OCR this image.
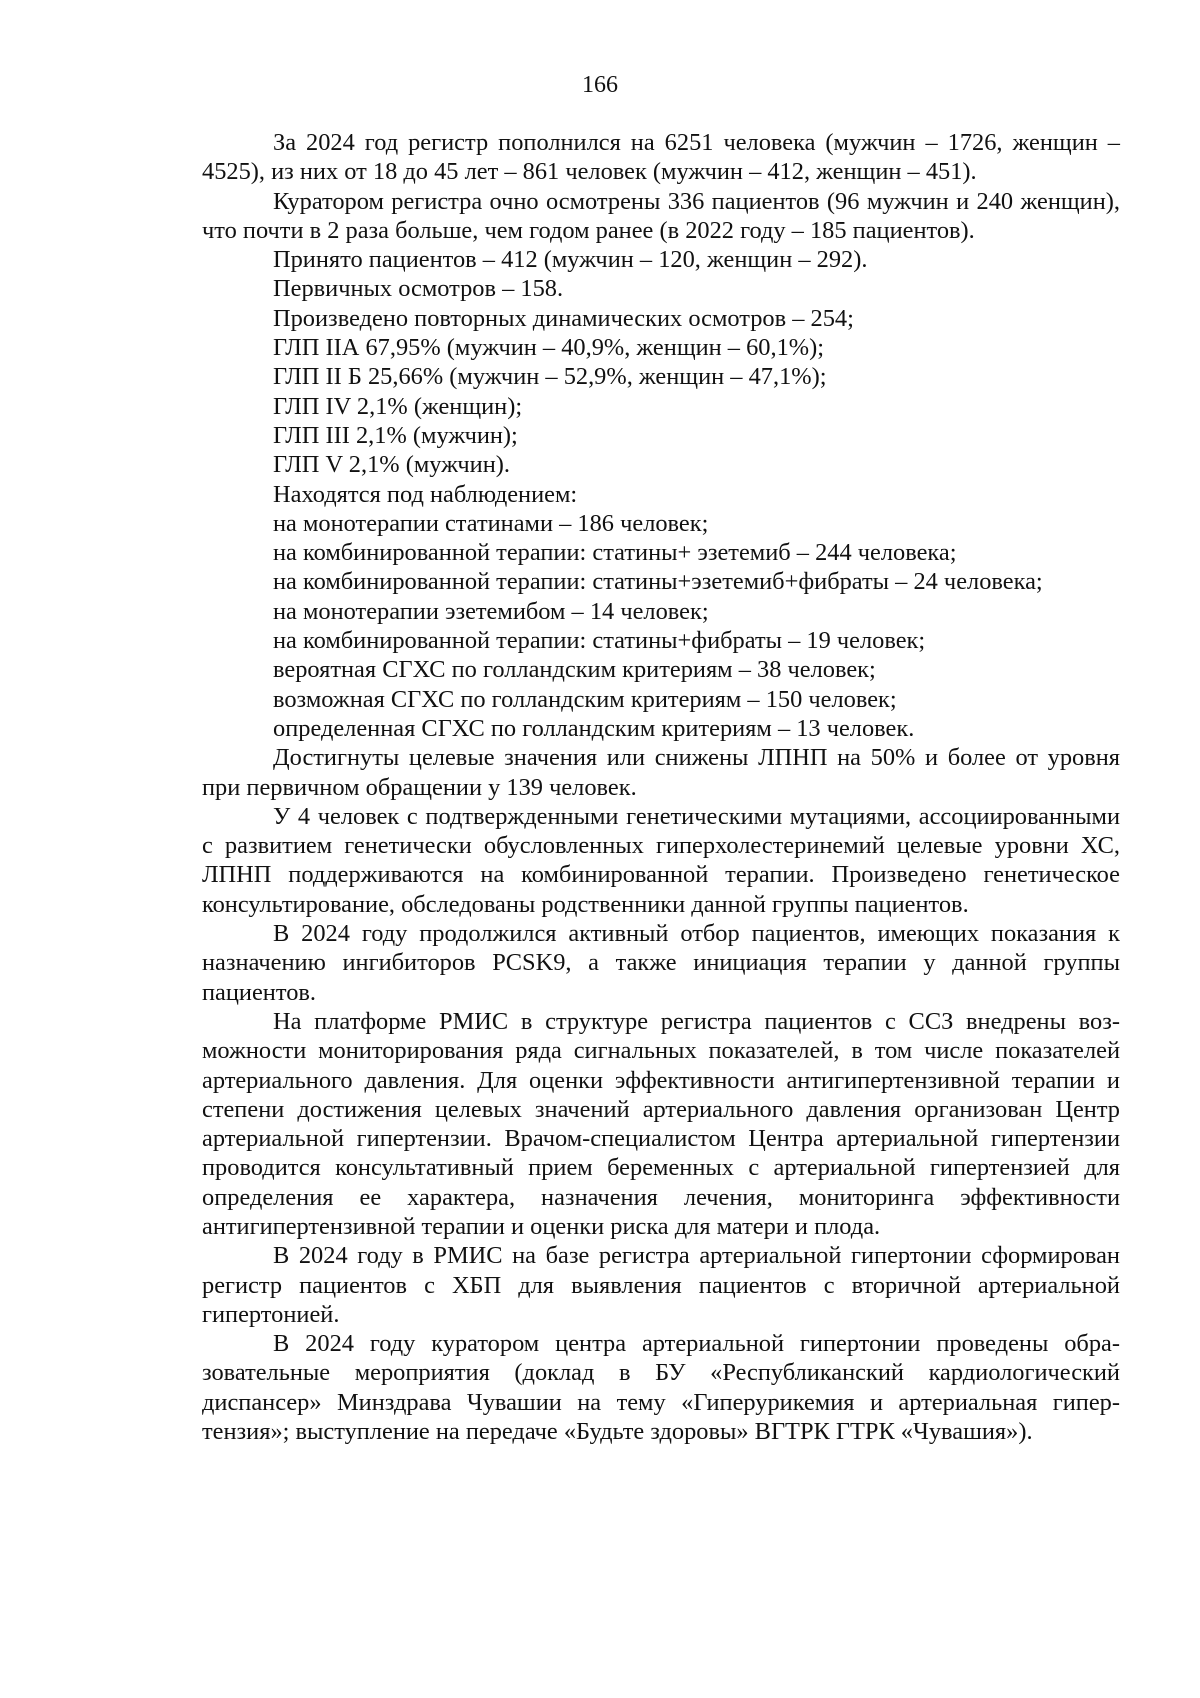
166

За 2024 год регистр пополнился на 6251 человека (мужчин – 1726, женщин – 4525), из них от 18 до 45 лет – 861 человек (мужчин – 412, женщин – 451).

Куратором регистра очно осмотрены 336 пациентов (96 мужчин и 240 женщин), что почти в 2 раза больше, чем годом ранее (в 2022 году – 185 пациентов).

Принято пациентов – 412 (мужчин – 120, женщин – 292).
Первичных осмотров – 158.
Произведено повторных динамических осмотров – 254;
ГЛП IIА 67,95% (мужчин – 40,9%, женщин – 60,1%);
ГЛП II Б 25,66% (мужчин – 52,9%, женщин – 47,1%);
ГЛП IV 2,1% (женщин);
ГЛП III 2,1% (мужчин);
ГЛП V 2,1% (мужчин).
Находятся под наблюдением:
на монотерапии статинами – 186 человек;
на комбинированной терапии: статины+ эзетемиб – 244 человека;
на комбинированной терапии: статины+эзетемиб+фибраты – 24 человека;
на монотерапии эзетемибом – 14 человек;
на комбинированной терапии: статины+фибраты – 19 человек;
вероятная СГХС по голландским критериям – 38 человек;
возможная СГХС по голландским критериям – 150 человек;
определенная СГХС по голландским критериям – 13 человек.

Достигнуты целевые значения или снижены ЛПНП на 50% и более от уровня при первичном обращении у 139 человек.

У 4 человек с подтвержденными генетическими мутациями, ассоциированными с развитием генетически обусловленных гиперхолестеринемий целевые уровни ХС, ЛПНП поддерживаются на комбинированной терапии. Произведено генетическое консультирование, обследованы родственники данной группы пациентов.

В 2024 году продолжился активный отбор пациентов, имеющих показания к назначению ингибиторов PCSK9, а также инициация терапии у данной группы пациентов.

На платформе РМИС в структуре регистра пациентов с ССЗ внедрены возможности мониторирования ряда сигнальных показателей, в том числе показателей артериального давления. Для оценки эффективности антигипертензивной терапии и степени достижения целевых значений артериального давления организован Центр артериальной гипертензии. Врачом-специалистом Центра артериальной гипертензии проводится консультативный прием беременных с артериальной гипертензией для определения ее характера, назначения лечения, мониторинга эффективности антигипертензивной терапии и оценки риска для матери и плода.

В 2024 году в РМИС на базе регистра артериальной гипертонии сформирован регистр пациентов с ХБП для выявления пациентов с вторичной артериальной гипертонией.

В 2024 году куратором центра артериальной гипертонии проведены образовательные мероприятия (доклад в БУ «Республиканский кардиологический диспансер» Минздрава Чувашии на тему «Гиперурикемия и артериальная гипертензия»; выступление на передаче «Будьте здоровы» ВГТРК ГТРК «Чувашия»).
